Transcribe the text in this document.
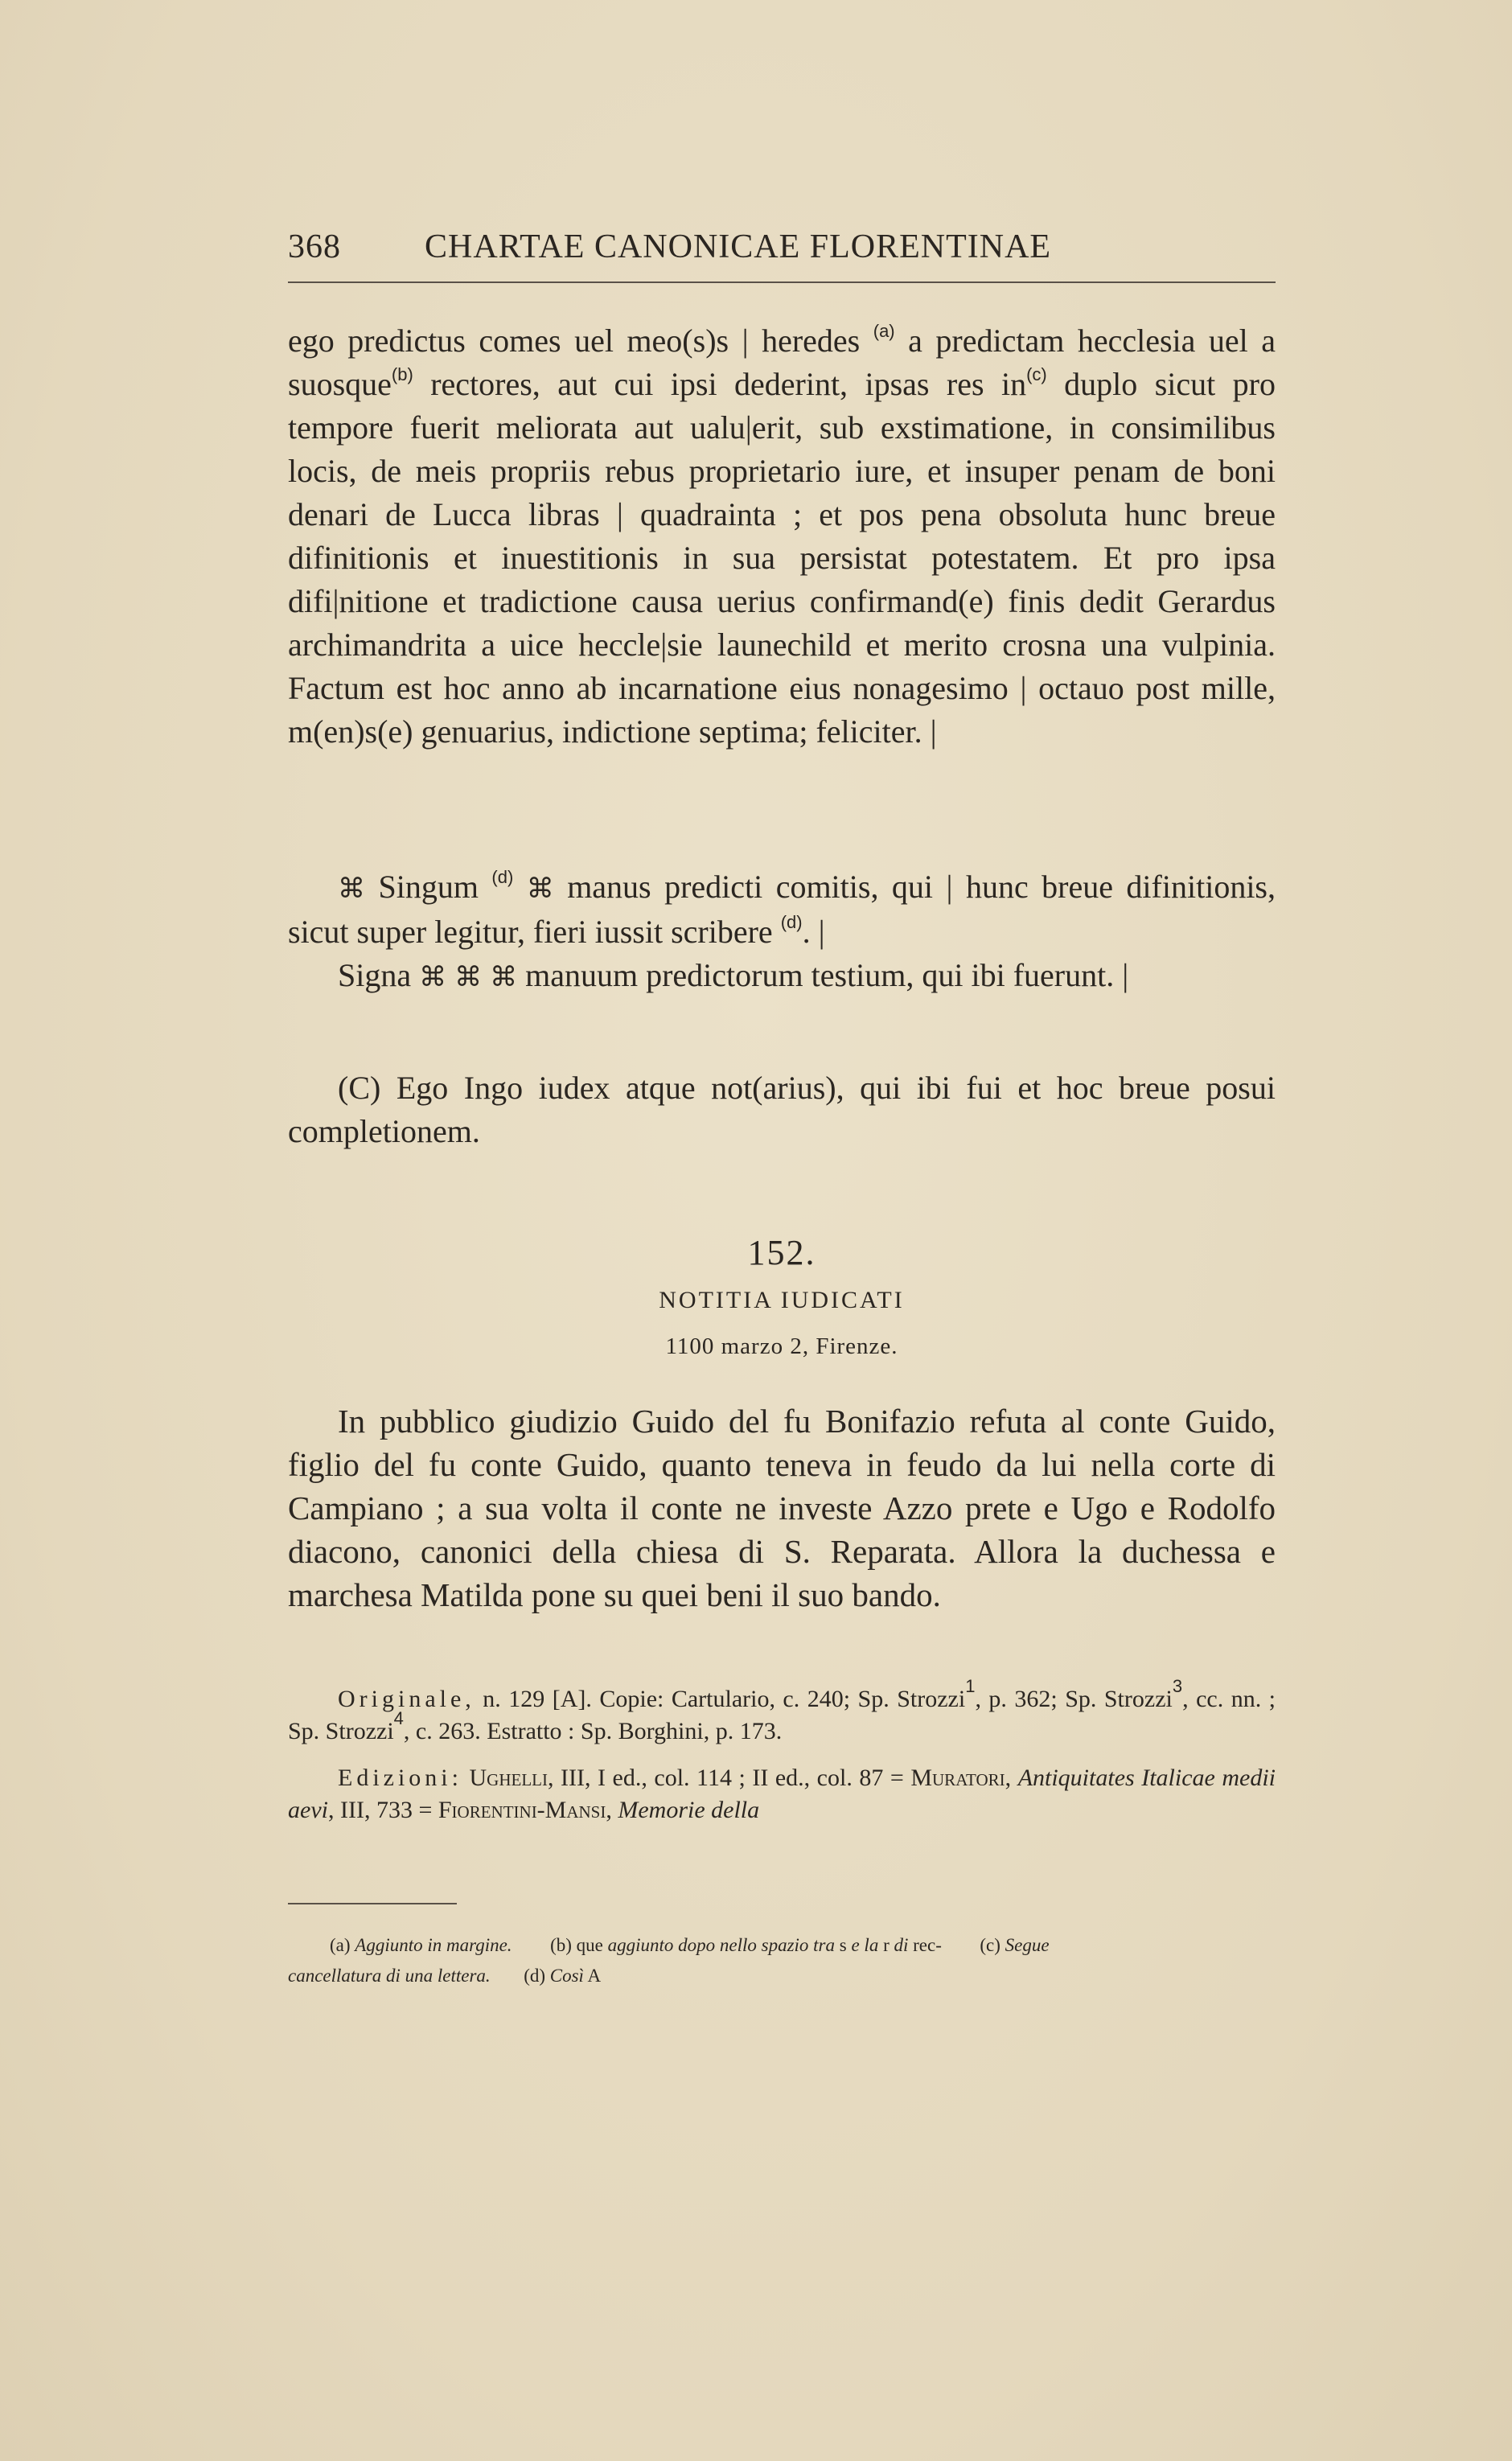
368 CHARTAE CANONICAE FLORENTINAE

ego predictus comes uel meo(s)s | heredes $^{(a)}$ a predictam hecclesia uel a suosque$^{(b)}$ rectores, aut cui ipsi dederint, ipsas res $in^{(c)}$ duplo sicut pro tempore fuerit meliorata aut ualu|erit, sub exstimatione, in consimilibus locis, de meis propriis rebus proprietario iure, et insuper penam de boni denari de Lucca libras | quadrainta ; et pos pena obsoluta hunc breue difinitionis et inuestitionis in sua persistat potestatem. Et pro ipsa difi|nitione et tradictione causa uerius confirmand(e) finis dedit Gerardus archimandrita a uice heccle|sie launechild et merito crosna una vulpinia. Factum est hoc anno ab incarnatione eius nonagesimo | octauo post mille, m(en)s(e) genuarius, indictione septima; feliciter. |

⌘ Singum $^{(d)}$ ⌘ manus predicti comitis, qui | hunc breue difinitionis, sicut super legitur, fieri iussit scribere $^{(d)}$. |

Signa ⌘ ⌘ ⌘ manuum predictorum testium, qui ibi fuerunt. |

(C) Ego Ingo iudex atque not(arius), qui ibi fui et hoc breue posui completionem.

152.
NOTITIA IUDICATI
1100 marzo 2, Firenze.

In pubblico giudizio Guido del fu Bonifazio refuta al conte Guido, figlio del fu conte Guido, quanto teneva in feudo da lui nella corte di Campiano ; a sua volta il conte ne investe Azzo prete e Ugo e Rodolfo diacono, canonici della chiesa di S. Reparata. Allora la duchessa e marchesa Matilda pone su quei beni il suo bando.

Originale, n. 129 [A]. Copie: Cartulario, c. 240; Sp. Strozzi$^1$, p. 362; Sp. Strozzi$^3$, cc. nn. ; Sp. Strozzi$^4$, c. 263. Estratto : Sp. Borghini, p. 173.

Edizioni: Ughelli, III, I ed., col. 114 ; II ed., col. 87 = Muratori, Antiquitates Italicae medii aevi, III, 733 = Fiorentini-Mansi, Memorie della

(a) Aggiunto in margine. (b) que aggiunto dopo nello spazio tra s e la r di rec- (c) Segue
cancellatura di una lettera. (d) Così A
